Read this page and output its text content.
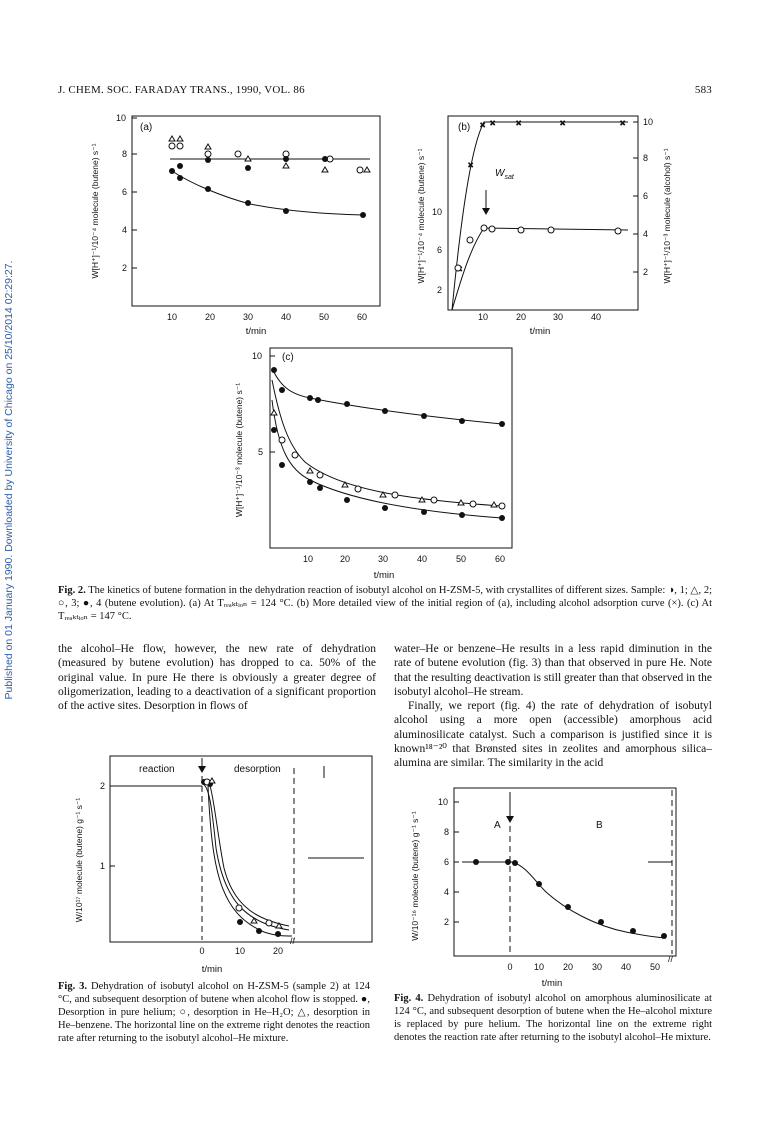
J. CHEM. SOC. FARADAY TRANS., 1990, VOL. 86	583
Published on 01 January 1990. Downloaded by University of Chicago on 25/10/2014 02:29:27.
(a)
W[H⁺]⁻¹/10⁻⁴ molecule (butene) s⁻¹
t/min
2
4
6
8
10
10	20	30	40	50	60
(b)
W[H⁺]⁻¹/10⁻⁴ molecule (butene) s⁻¹	W[H⁺]⁻¹/10⁻³ molecule (alcohol) s⁻¹
t/min
2
6
10
2
4
6
8
10
10	20	30	40
×
× × ×	×	×
$W_{sat}$
(c)
W[H⁺]⁻¹/10⁻³ molecule (butene) s⁻¹
t/min
5
10
10	20	30	40	50	60
Fig. 2. The kinetics of butene formation in the dehydration reaction of isobutyl alcohol on H-ZSM-5, with crystallites of different sizes. Sample: ◑, 1; △, 2; ○, 3; ●, 4 (butene evolution). (a) At Tᵣₑₐₖₜᵢₒₙ = 124 °C. (b) More detailed view of the initial region of (a), including alcohol adsorption curve (×). (c) At Tᵣₑₐₖₜᵢₒₙ = 147 °C.
the alcohol–He flow, however, the new rate of dehydration (measured by butene evolution) has dropped to ca. 50% of the original value. In pure He there is obviously a greater degree of oligomerization, leading to a deactivation of a significant proportion of the active sites. Desorption in flows of
water–He or benzene–He results in a less rapid diminution in the rate of butene evolution (fig. 3) than that observed in pure He. Note that the resulting deactivation is still greater than that observed in the isobutyl alcohol–He stream.
Finally, we report (fig. 4) the rate of dehydration of isobutyl alcohol using a more open (accessible) amorphous acid aluminosilicate catalyst. Such a comparison is justified since it is known¹⁸⁻²⁰ that Brønsted sites in zeolites and amorphous silica–alumina are similar. The similarity in the acid
W/10¹⁷ molecule (butene) g⁻¹ s⁻¹
t/min
reaction	desorption
1
2
0	10	20
//
Fig. 3. Dehydration of isobutyl alcohol on H-ZSM-5 (sample 2) at 124 °C, and subsequent desorption of butene when alcohol flow is stopped. ●, Desorption in pure helium; ○, desorption in He–H₂O; △, desorption in He–benzene. The horizontal line on the extreme right denotes the reaction rate after returning to the isobutyl alcohol–He mixture.
W/10⁻¹⁶ molecule (butene) g⁻¹ s⁻¹
t/min
A	B
2
4
6
8
10
0 10 20 30 40 50
//
Fig. 4. Dehydration of isobutyl alcohol on amorphous aluminosilicate at 124 °C, and subsequent desorption of butene when the He–alcohol mixture is replaced by pure helium. The horizontal line on the extreme right denotes the reaction rate after returning to the isobutyl alcohol–He mixture.
